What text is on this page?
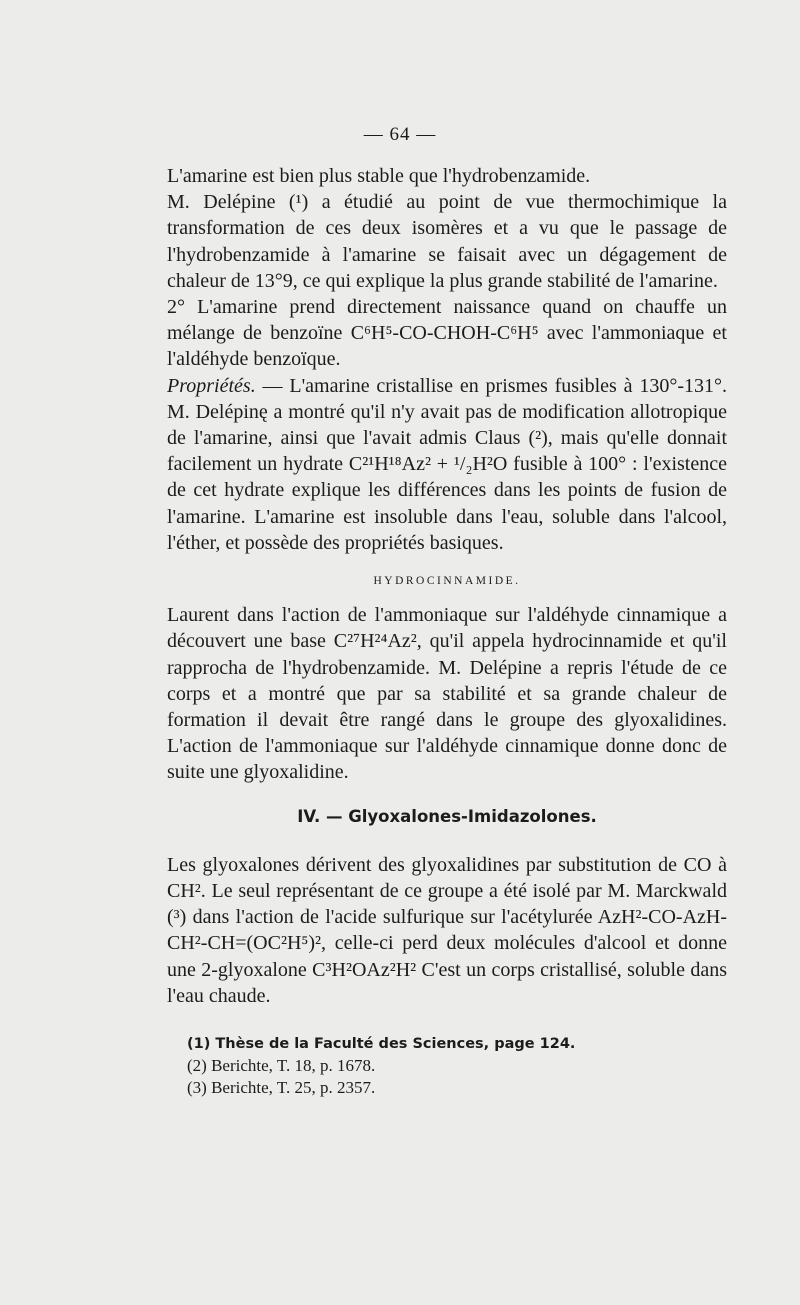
— 64 —

L'amarine est bien plus stable que l'hydrobenzamide.

M. Delépine (¹) a étudié au point de vue thermochimique la transformation de ces deux isomères et a vu que le passage de l'hydrobenzamide à l'amarine se faisait avec un dégagement de chaleur de 13°9, ce qui explique la plus grande stabilité de l'amarine.

2° L'amarine prend directement naissance quand on chauffe un mélange de benzoïne C⁶H⁵-CO-CHOH-C⁶H⁵ avec l'ammoniaque et l'aldéhyde benzoïque.

Propriétés. — L'amarine cristallise en prismes fusibles à 130°-131°. M. Delépinę a montré qu'il n'y avait pas de modification allotropique de l'amarine, ainsi que l'avait admis Claus (²), mais qu'elle donnait facilement un hydrate C²¹H¹⁸Az² + ¹/₂H²O fusible à 100° : l'existence de cet hydrate explique les différences dans les points de fusion de l'amarine. L'amarine est insoluble dans l'eau, soluble dans l'alcool, l'éther, et possède des propriétés basiques.

HYDROCINNAMIDE.

Laurent dans l'action de l'ammoniaque sur l'aldéhyde cinnamique a découvert une base C²⁷H²⁴Az², qu'il appela hydrocinnamide et qu'il rapprocha de l'hydrobenzamide. M. Delépine a repris l'étude de ce corps et a montré que par sa stabilité et sa grande chaleur de formation il devait être rangé dans le groupe des glyoxalidines. L'action de l'ammoniaque sur l'aldéhyde cinnamique donne donc de suite une glyoxalidine.

IV. — Glyoxalones-Imidazolones.

Les glyoxalones dérivent des glyoxalidines par substitution de CO à CH². Le seul représentant de ce groupe a été isolé par M. Marckwald (³) dans l'action de l'acide sulfurique sur l'acétylurée AzH²-CO-AzH-CH²-CH=(OC²H⁵)², celle-ci perd deux molécules d'alcool et donne une 2-glyoxalone C³H²OAz²H² C'est un corps cristallisé, soluble dans l'eau chaude.

(1) Thèse de la Faculté des Sciences, page 124.

(2) Berichte, T. 18, p. 1678.

(3) Berichte, T. 25, p. 2357.
